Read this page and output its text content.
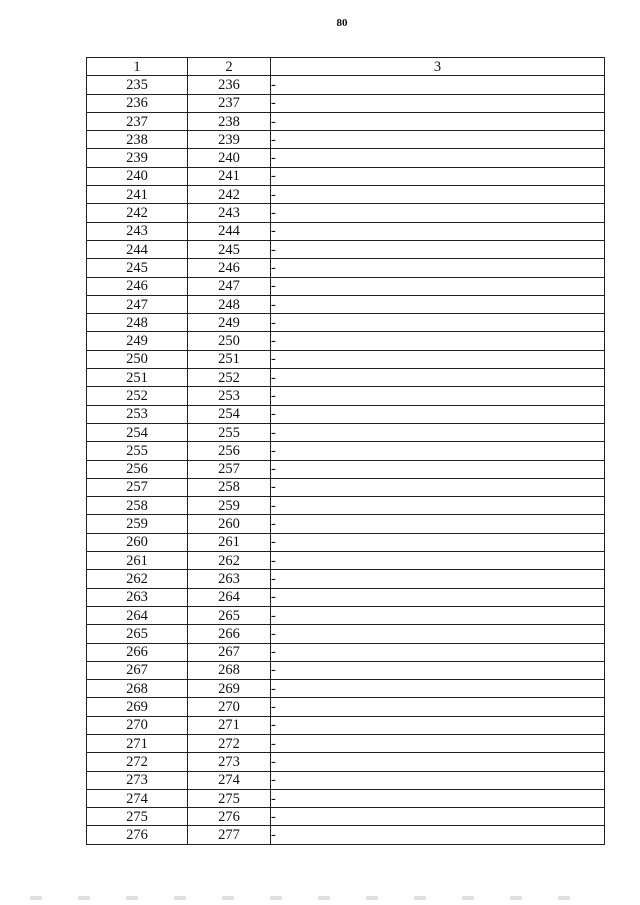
80
1	2	3
235	236	-
236	237	-
237	238	-
238	239	-
239	240	-
240	241	-
241	242	-
242	243	-
243	244	-
244	245	-
245	246	-
246	247	-
247	248	-
248	249	-
249	250	-
250	251	-
251	252	-
252	253	-
253	254	-
254	255	-
255	256	-
256	257	-
257	258	-
258	259	-
259	260	-
260	261	-
261	262	-
262	263	-
263	264	-
264	265	-
265	266	-
266	267	-
267	268	-
268	269	-
269	270	-
270	271	-
271	272	-
272	273	-
273	274	-
274	275	-
275	276	-
276	277	-
